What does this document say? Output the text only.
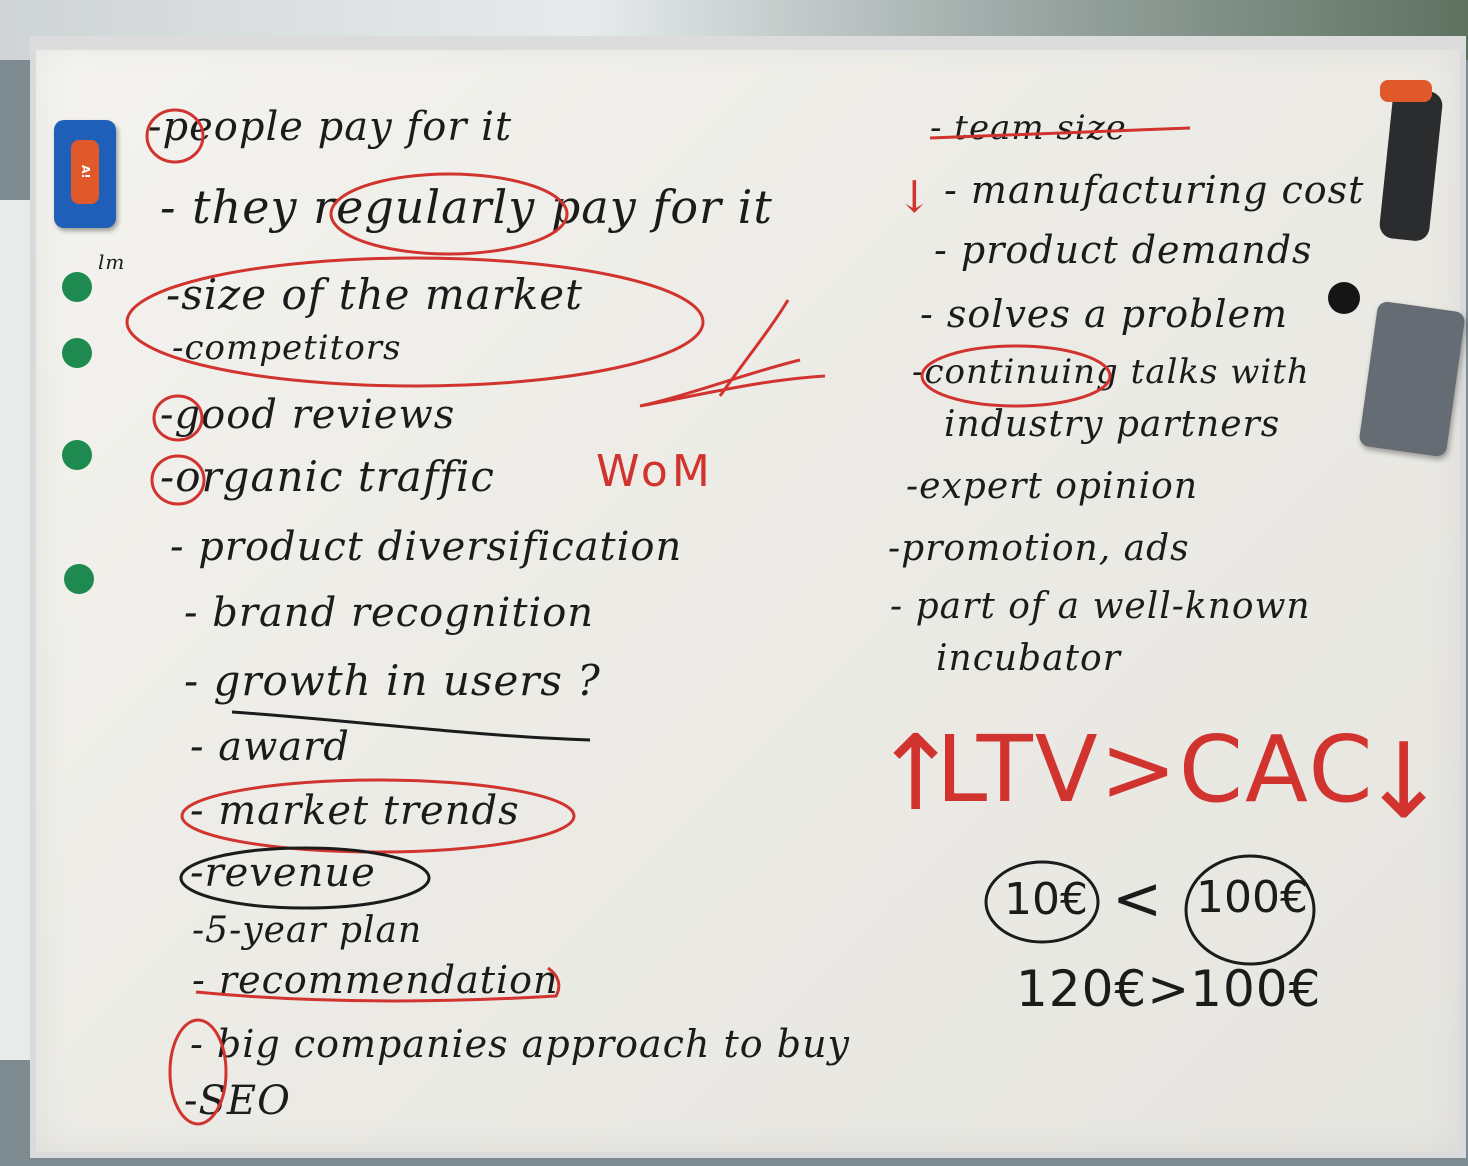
A!
lm
-people pay for it
- they regularly pay for it
-size of the market
-competitors
-good reviews
-organic traffic WoM
- product diversification
- brand recognition
- growth in users ?
- award
- market trends
-revenue
-5-year plan
- recommendation
- big companies approach to buy
-SEO
- team size
↓ - manufacturing cost
- product demands
- solves a problem
-continuing talks with
industry partners
-expert opinion
-promotion, ads
- part of a well-known
incubator
↑
LTV>CAC
↓
10€ < 100€
120€>100€
